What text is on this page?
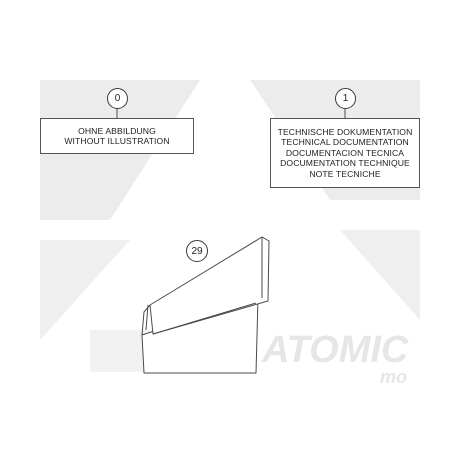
ATOMIC
mo
0
OHNE ABBILDUNG
WITHOUT ILLUSTRATION
1
TECHNISCHE DOKUMENTATION
TECHNICAL DOCUMENTATION
DOCUMENTACION TECNICA
DOCUMENTATION TECHNIQUE
NOTE TECNICHE
29
